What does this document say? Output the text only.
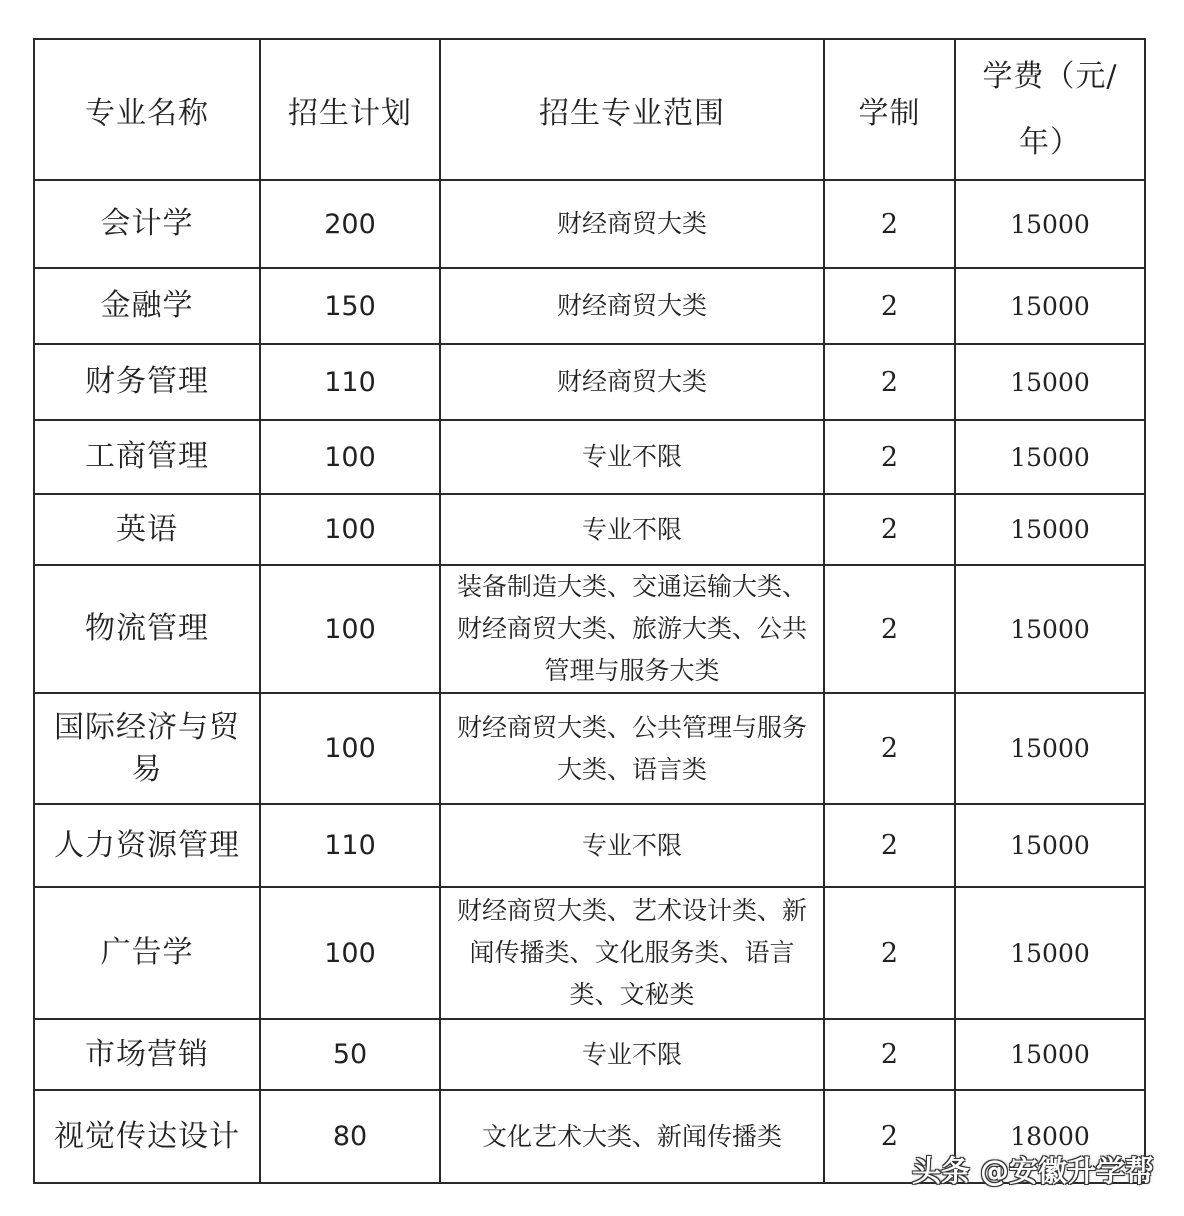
专业名称	招生计划	招生专业范围	学制	学费（元/年）
会计学	200	财经商贸大类	2	15000
金融学	150	财经商贸大类	2	15000
财务管理	110	财经商贸大类	2	15000
工商管理	100	专业不限	2	15000
英语	100	专业不限	2	15000
物流管理	100	装备制造大类、交通运输大类、财经商贸大类、旅游大类、公共管理与服务大类	2	15000
国际经济与贸易	100	财经商贸大类、公共管理与服务大类、语言类	2	15000
人力资源管理	110	专业不限	2	15000
广告学	100	财经商贸大类、艺术设计类、新闻传播类、文化服务类、语言类、文秘类	2	15000
市场营销	50	专业不限	2	15000
视觉传达设计	80	文化艺术大类、新闻传播类	2	18000
头条 @安徽升学帮
